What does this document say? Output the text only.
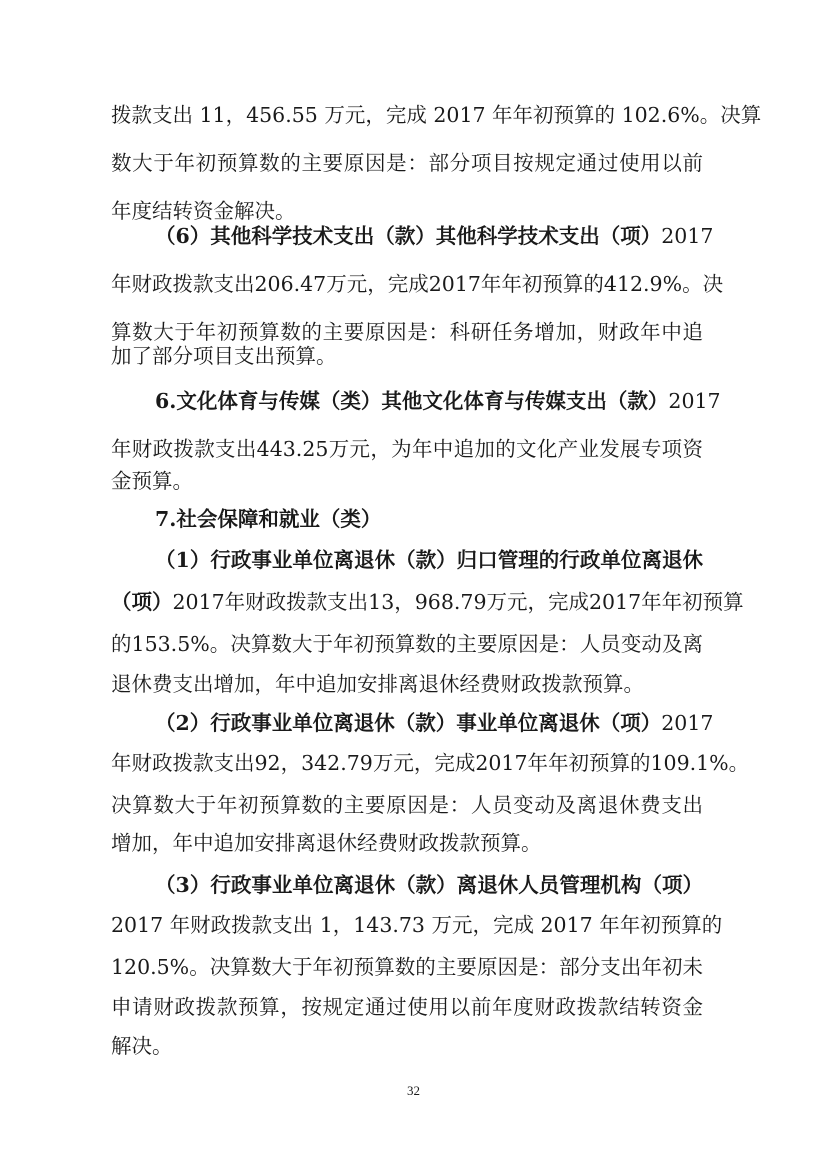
拨款支出 11，456.55 万元，完成 2017 年年初预算的 102.6%。决算
数大于年初预算数的主要原因是：部分项目按规定通过使用以前
年度结转资金解决。
（6）其他科学技术支出（款）其他科学技术支出（项）2017
年财政拨款支出206.47万元，完成2017年年初预算的412.9%。决
算数大于年初预算数的主要原因是：科研任务增加，财政年中追
加了部分项目支出预算。
6.文化体育与传媒（类）其他文化体育与传媒支出（款）2017
年财政拨款支出443.25万元，为年中追加的文化产业发展专项资
金预算。
7.社会保障和就业（类）
（1）行政事业单位离退休（款）归口管理的行政单位离退休
（项）2017年财政拨款支出13，968.79万元，完成2017年年初预算
的153.5%。决算数大于年初预算数的主要原因是：人员变动及离
退休费支出增加，年中追加安排离退休经费财政拨款预算。
（2）行政事业单位离退休（款）事业单位离退休（项）2017
年财政拨款支出92，342.79万元，完成2017年年初预算的109.1%。
决算数大于年初预算数的主要原因是：人员变动及离退休费支出
增加，年中追加安排离退休经费财政拨款预算。
（3）行政事业单位离退休（款）离退休人员管理机构（项）
2017 年财政拨款支出 1，143.73 万元，完成 2017 年年初预算的
120.5%。决算数大于年初预算数的主要原因是：部分支出年初未
申请财政拨款预算，按规定通过使用以前年度财政拨款结转资金
解决。
32
